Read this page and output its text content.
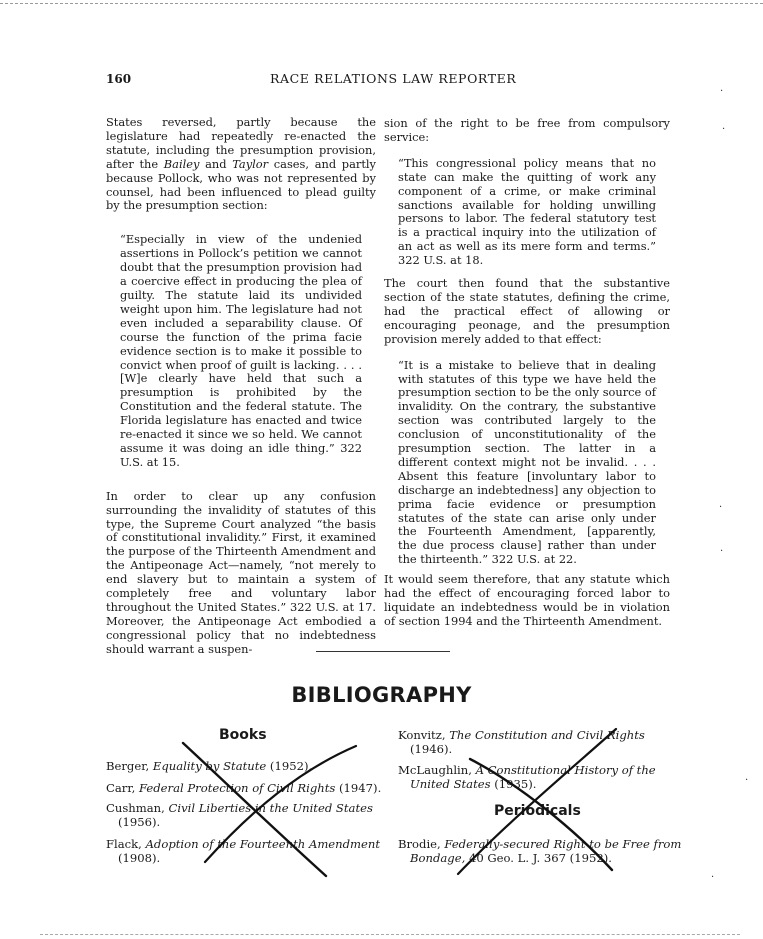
160	RACE RELATIONS LAW REPORTER

States reversed, partly because the legislature had repeatedly re-enacted the statute, including the presumption provision, after the Bailey and Taylor cases, and partly because Pollock, who was not represented by counsel, had been influenced to plead guilty by the presumption section:

“Especially in view of the undenied assertions in Pollock’s petition we cannot doubt that the presumption provision had a coercive effect in producing the plea of guilty. The statute laid its undivided weight upon him. The legislature had not even included a separability clause. Of course the function of the prima facie evidence section is to make it possible to convict when proof of guilt is lacking. . . . [W]e clearly have held that such a presumption is prohibited by the Constitution and the federal statute. The Florida legislature has enacted and twice re-enacted it since we so held. We cannot assume it was doing an idle thing.” 322 U.S. at 15.

In order to clear up any confusion surrounding the invalidity of statutes of this type, the Supreme Court analyzed “the basis of constitutional invalidity.” First, it examined the purpose of the Thirteenth Amendment and the Antipeonage Act—namely, “not merely to end slavery but to maintain a system of completely free and voluntary labor throughout the United States.” 322 U.S. at 17. Moreover, the Antipeonage Act embodied a congressional policy that no indebtedness should warrant a suspen-

sion of the right to be free from compulsory service:

“This congressional policy means that no state can make the quitting of work any component of a crime, or make criminal sanctions available for holding unwilling persons to labor. The federal statutory test is a practical inquiry into the utilization of an act as well as its mere form and terms.” 322 U.S. at 18.

The court then found that the substantive section of the state statutes, defining the crime, had the practical effect of allowing or encouraging peonage, and the presumption provision merely added to that effect:

“It is a mistake to believe that in dealing with statutes of this type we have held the presumption section to be the only source of invalidity. On the contrary, the substantive section was contributed largely to the conclusion of unconstitutionality of the presumption section. The latter in a different context might not be invalid. . . . Absent this feature [involuntary labor to discharge an indebtedness] any objection to prima facie evidence or presumption statutes of the state can arise only under the Fourteenth Amendment, [apparently, the due process clause] rather than under the thirteenth.” 322 U.S. at 22.

It would seem therefore, that any statute which had the effect of encouraging forced labor to liquidate an indebtedness would be in violation of section 1994 and the Thirteenth Amendment.

BIBLIOGRAPHY
Books
Periodicals
Berger, Equality by Statute (1952).
Carr, Federal Protection of Civil Rights (1947).
Cushman, Civil Liberties in the United States (1956).
Flack, Adoption of the Fourteenth Amendment (1908).
Konvitz, The Constitution and Civil Rights (1946).
McLaughlin, A Constitutional History of the United States (1935).
Brodie, Federally-secured Right to be Free from Bondage, 40 Geo. L. J. 367 (1952).
·
·
·
·
·
·
